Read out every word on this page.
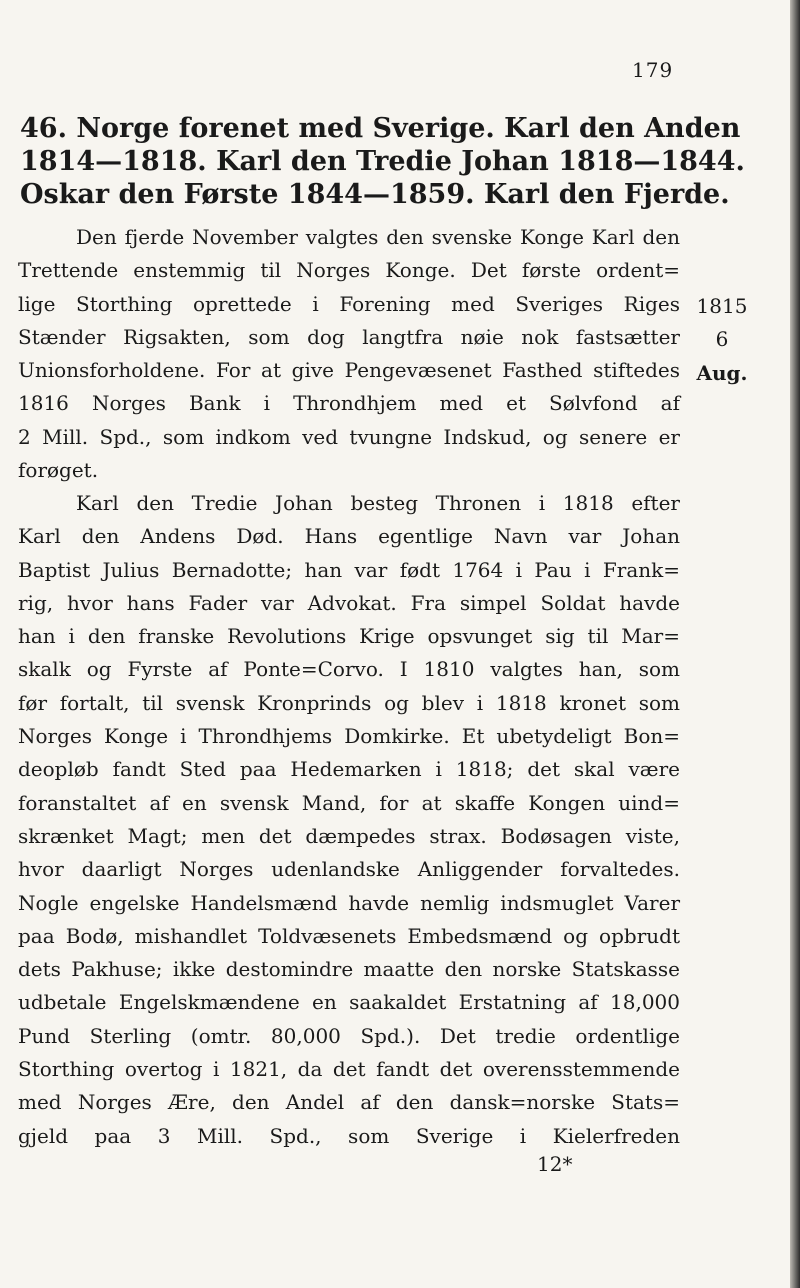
179
46. Norge forenet med Sverige. Karl den Anden
1814—1818. Karl den Tredie Johan 1818—1844.
Oskar den Første 1844—1859. Karl den Fjerde.
Den fjerde November valgtes den svenske Konge Karl den
Trettende enstemmig til Norges Konge. Det første ordent=
lige Storthing oprettede i Forening med Sveriges Riges
Stænder Rigsakten, som dog langtfra nøie nok fastsætter
Unionsforholdene. For at give Pengevæsenet Fasthed stiftedes
1816 Norges Bank i Throndhjem med et Sølvfond af
2 Mill. Spd., som indkom ved tvungne Indskud, og senere er
forøget.
1815
6
Aug.
Karl den Tredie Johan besteg Thronen i 1818 efter
Karl den Andens Død. Hans egentlige Navn var Johan
Baptist Julius Bernadotte; han var født 1764 i Pau i Frank=
rig, hvor hans Fader var Advokat. Fra simpel Soldat havde
han i den franske Revolutions Krige opsvunget sig til Mar=
skalk og Fyrste af Ponte=Corvo. I 1810 valgtes han, som
før fortalt, til svensk Kronprinds og blev i 1818 kronet som
Norges Konge i Throndhjems Domkirke. Et ubetydeligt Bon=
deopløb fandt Sted paa Hedemarken i 1818; det skal være
foranstaltet af en svensk Mand, for at skaffe Kongen uind=
skrænket Magt; men det dæmpedes strax. Bodøsagen viste,
hvor daarligt Norges udenlandske Anliggender forvaltedes.
Nogle engelske Handelsmænd havde nemlig indsmuglet Varer
paa Bodø, mishandlet Toldvæsenets Embedsmænd og opbrudt
dets Pakhuse; ikke destomindre maatte den norske Statskasse
udbetale Engelskmændene en saakaldet Erstatning af 18,000
Pund Sterling (omtr. 80,000 Spd.). Det tredie ordentlige
Storthing overtog i 1821, da det fandt det overensstemmende
med Norges Ære, den Andel af den dansk=norske Stats=
gjeld paa 3 Mill. Spd., som Sverige i Kielerfreden
12*
